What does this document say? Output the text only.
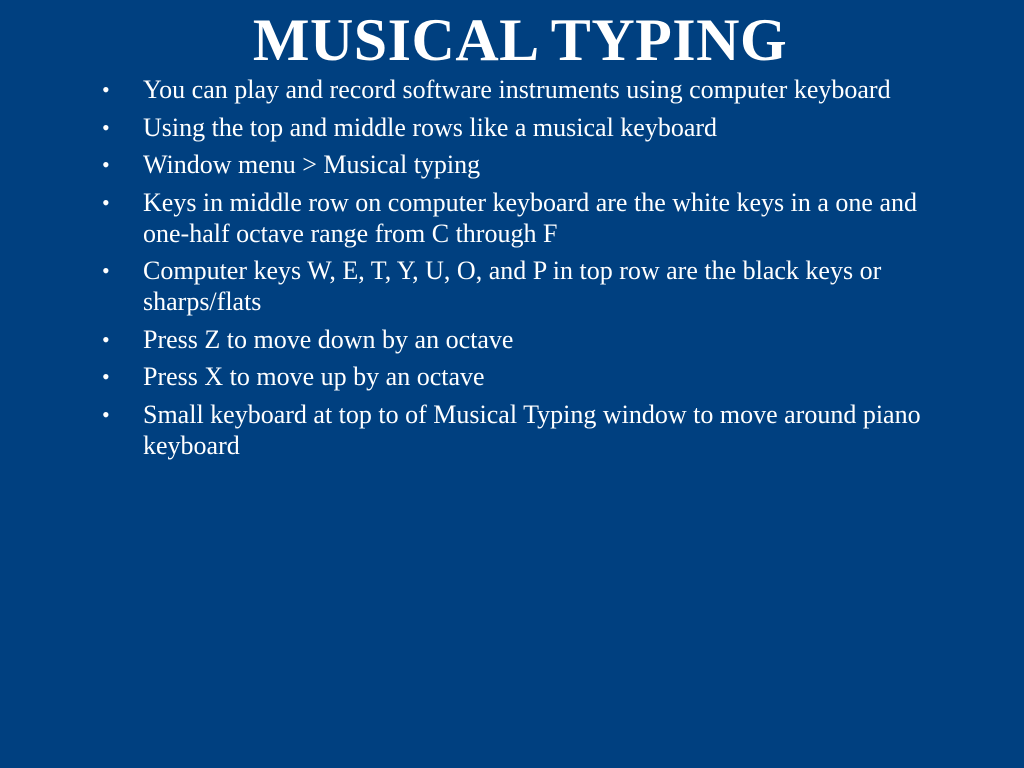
MUSICAL TYPING
•	You can play and record software instruments using computer keyboard
•	Using the top and middle rows like a musical keyboard
•	Window menu > Musical typing
•	Keys in middle row on computer keyboard are the white keys in a one and one-half octave range from C through F
•	Computer keys W, E, T, Y, U, O, and P in top row are the black keys or sharps/flats
•	Press Z to move down by an octave
•	Press X to move up by an octave
•	Small keyboard at top to of Musical Typing window to move around piano keyboard
